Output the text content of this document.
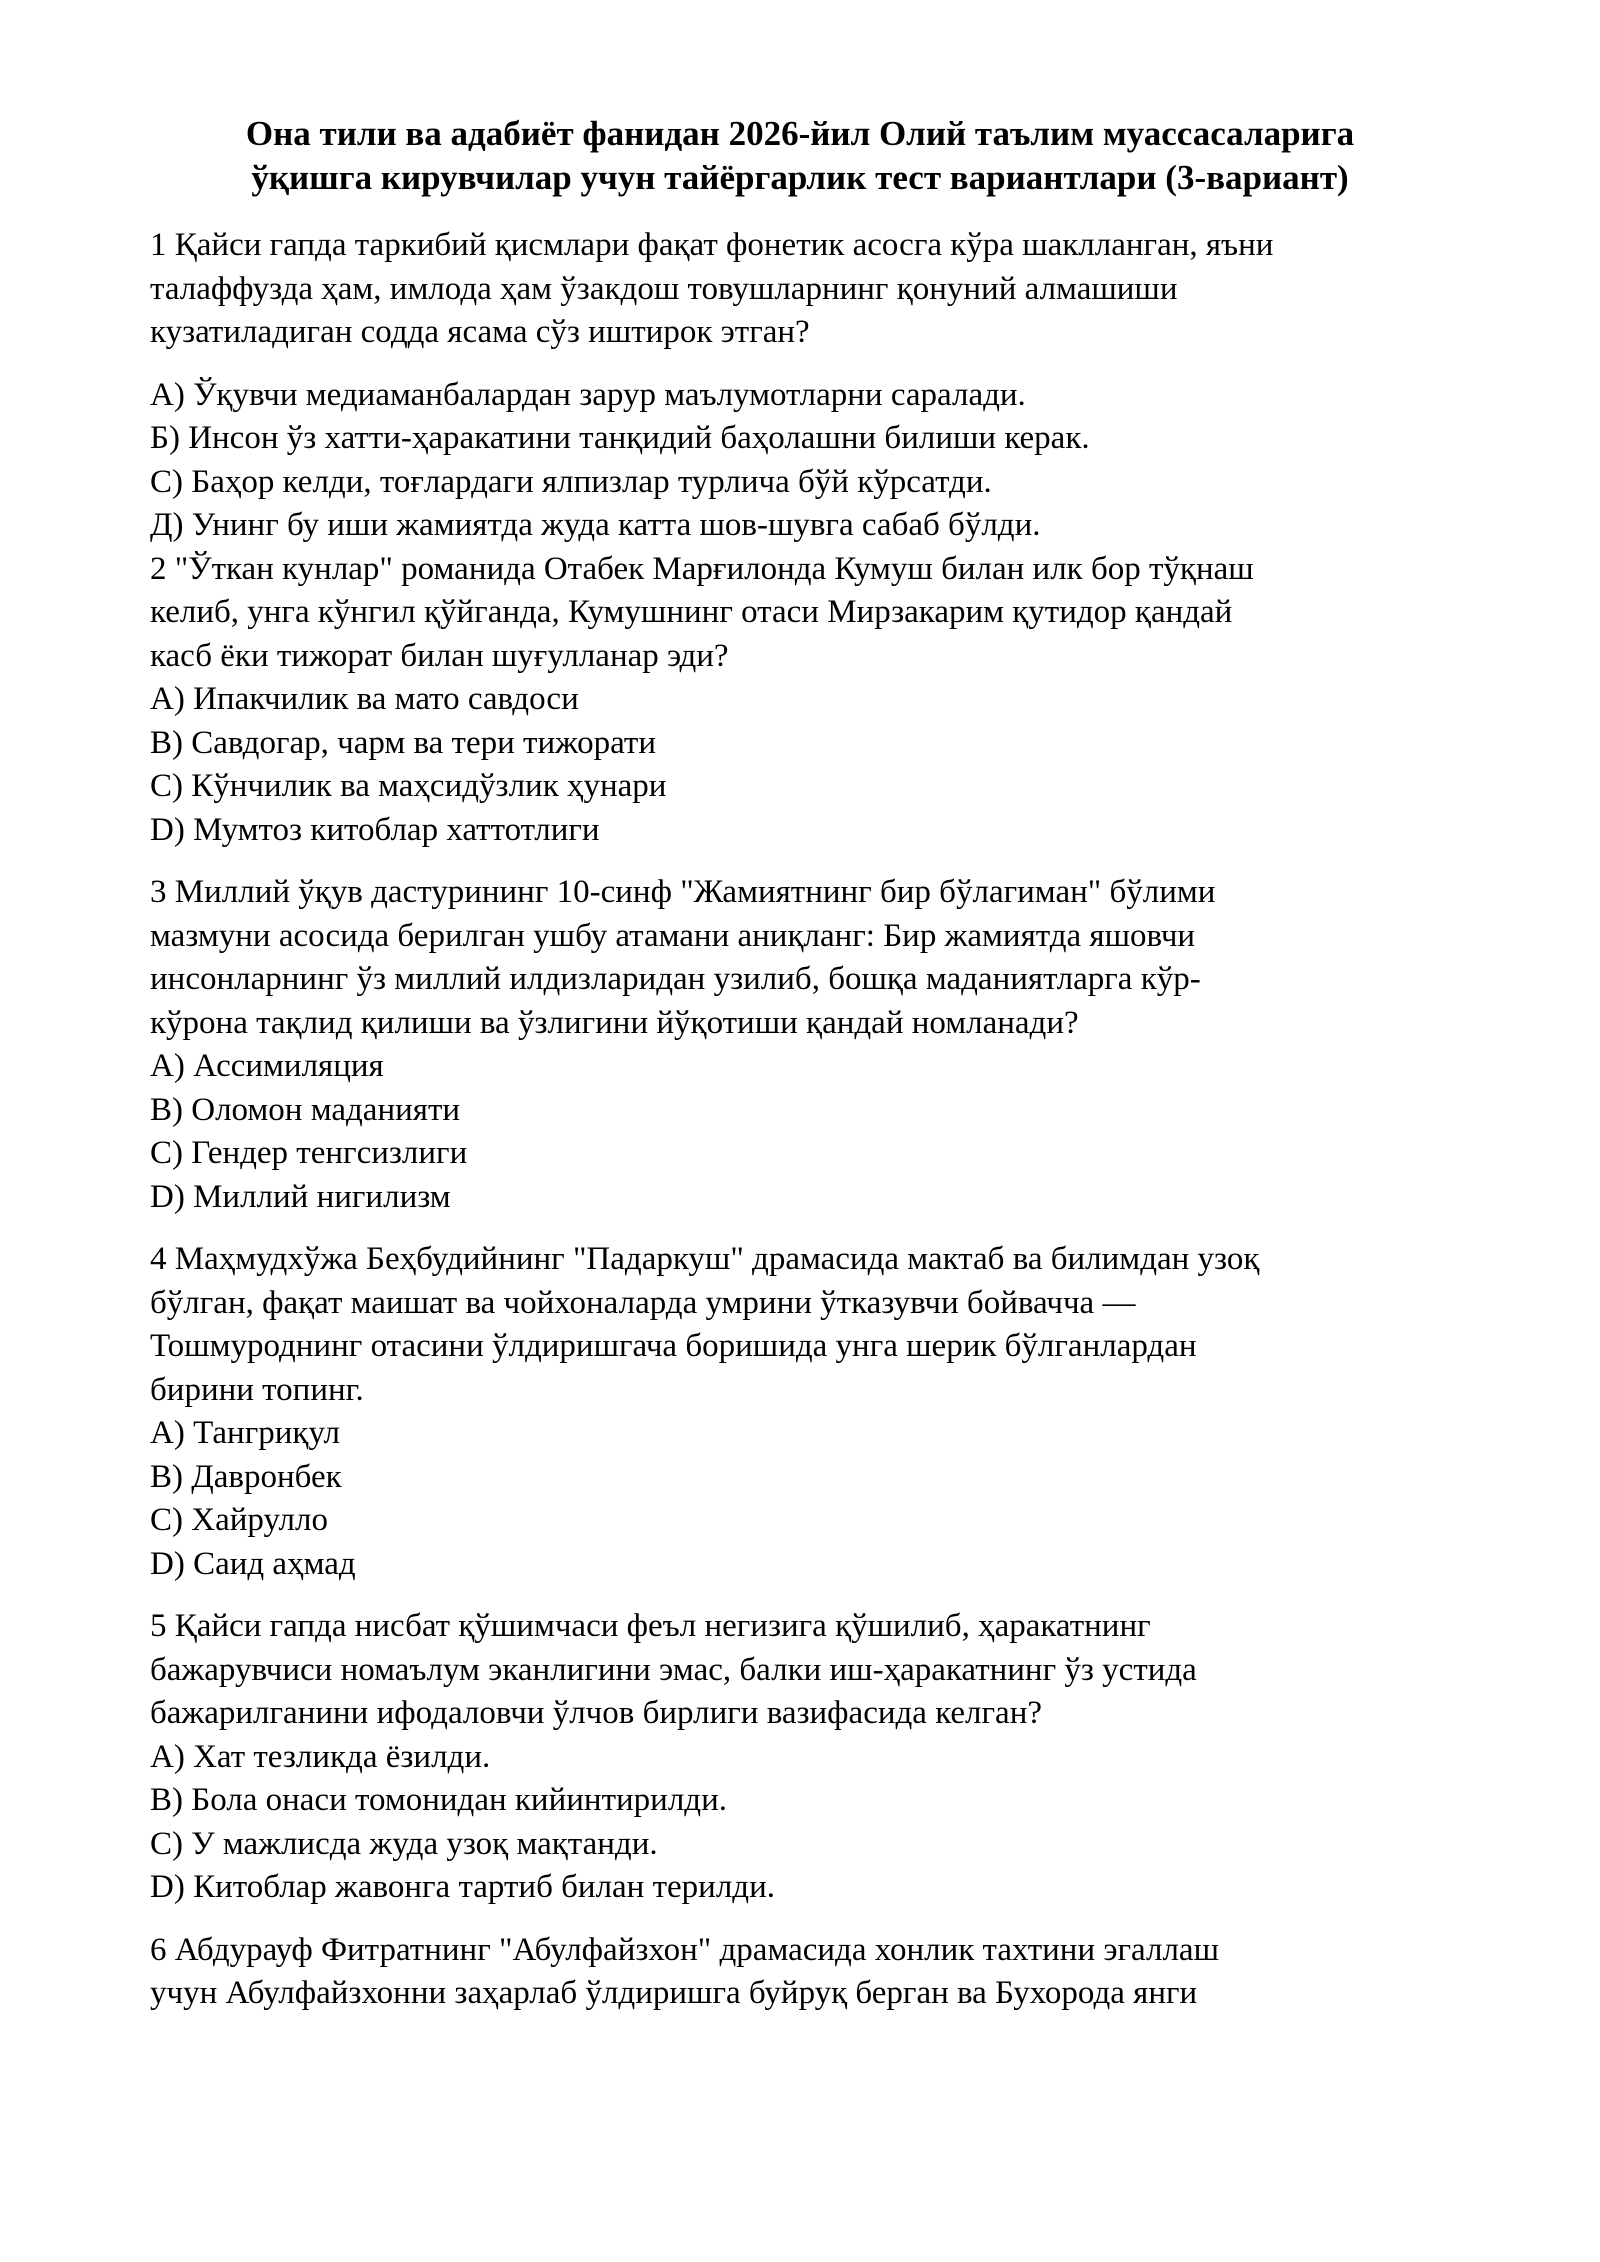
Она тили ва адабиёт фанидан 2026-йил Олий таълим муассасаларига
ўқишга кирувчилар учун тайёргарлик тест вариантлари (3-вариант)
1 Қайси гапда таркибий қисмлари фақат фонетик асосга кўра шаклланган, яъни
талаффузда ҳам, имлода ҳам ўзакдош товушларнинг қонуний алмашиши
кузатиладиган содда ясама сўз иштирок этган?
А) Ўқувчи медиаманбалардан зарур маълумотларни саралади.
Б) Инсон ўз хатти-ҳаракатини танқидий баҳолашни билиши керак.
С) Баҳор келди, тоғлардаги ялпизлар турлича бўй кўрсатди.
Д) Унинг бу иши жамиятда жуда катта шов-шувга сабаб бўлди.
2 "Ўткан кунлар" романида Отабек Марғилонда Кумуш билан илк бор тўқнаш
келиб, унга кўнгил қўйганда, Кумушнинг отаси Мирзакарим қутидор қандай
касб ёки тижорат билан шуғулланар эди?
A) Ипакчилик ва мато савдоси
B) Савдогар, чарм ва тери тижорати
C) Кўнчилик ва маҳсидўзлик ҳунари
D) Мумтоз китоблар хаттотлиги
3 Миллий ўқув дастурининг 10-синф "Жамиятнинг бир бўлагиман" бўлими
мазмуни асосида берилган ушбу атамани аниқланг: Бир жамиятда яшовчи
инсонларнинг ўз миллий илдизларидан узилиб, бошқа маданиятларга кўр-
кўрона тақлид қилиши ва ўзлигини йўқотиши қандай номланади?
A) Ассимиляция
B) Оломон маданияти
C) Гендер тенгсизлиги
D) Миллий нигилизм
4 Маҳмудхўжа Беҳбудийнинг "Падаркуш" драмасида мактаб ва билимдан узоқ
бўлган, фақат маишат ва чойхоналарда умрини ўтказувчи бойвачча —
Тошмуроднинг отасини ўлдиришгача боришида унга шерик бўлганлардан
бирини топинг.
A) Тангриқул
B) Давронбек
C) Хайрулло
D) Саид аҳмад
5 Қайси гапда нисбат қўшимчаси феъл негизига қўшилиб, ҳаракатнинг
бажарувчиси номаълум эканлигини эмас, балки иш-ҳаракатнинг ўз устида
бажарилганини ифодаловчи ўлчов бирлиги вазифасида келган?
A) Хат тезликда ёзилди.
B) Бола онаси томонидан кийинтирилди.
C) У мажлисда жуда узоқ мақтанди.
D) Китоблар жавонга тартиб билан терилди.
6 Абдурауф Фитратнинг "Абулфайзхон" драмасида хонлик тахтини эгаллаш
учун Абулфайзхонни заҳарлаб ўлдиришга буйруқ берган ва Бухорода янги
